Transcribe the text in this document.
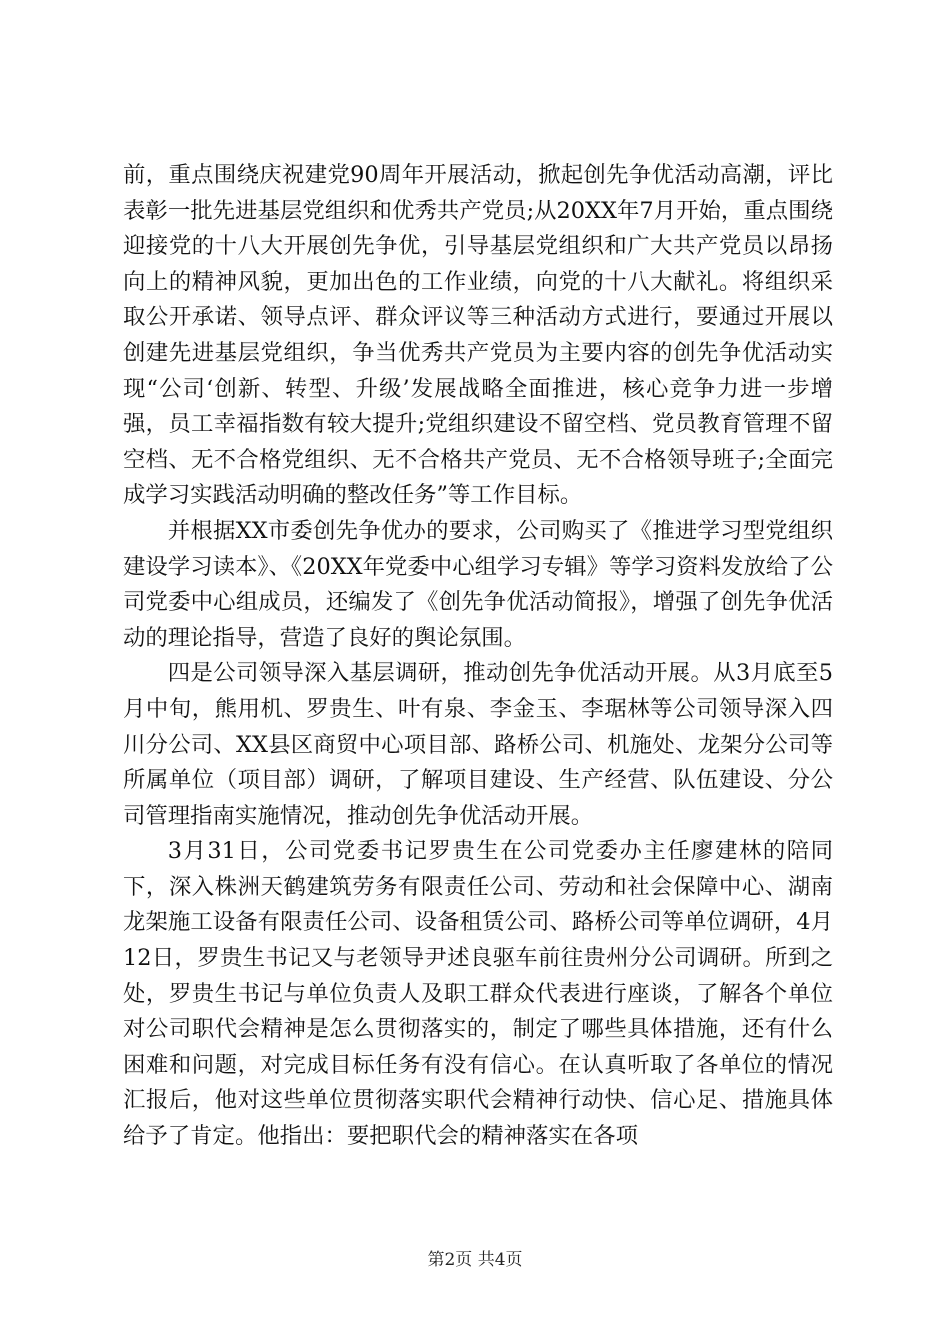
前，重点围绕庆祝建党90周年开展活动，掀起创先争优活动高潮，评比表彰一批先进基层党组织和优秀共产党员;从20XX年7月开始，重点围绕迎接党的十八大开展创先争优，引导基层党组织和广大共产党员以昂扬向上的精神风貌，更加出色的工作业绩，向党的十八大献礼。将组织采取公开承诺、领导点评、群众评议等三种活动方式进行，要通过开展以创建先进基层党组织，争当优秀共产党员为主要内容的创先争优活动实现“公司‘创新、转型、升级’发展战略全面推进，核心竞争力进一步增强，员工幸福指数有较大提升;党组织建设不留空档、党员教育管理不留空档、无不合格党组织、无不合格共产党员、无不合格领导班子;全面完成学习实践活动明确的整改任务”等工作目标。

并根据XX市委创先争优办的要求，公司购买了《推进学习型党组织建设学习读本》、《20XX年党委中心组学习专辑》等学习资料发放给了公司党委中心组成员，还编发了《创先争优活动简报》，增强了创先争优活动的理论指导，营造了良好的舆论氛围。

四是公司领导深入基层调研，推动创先争优活动开展。从3月底至5月中旬，熊用机、罗贵生、叶有泉、李金玉、李琚林等公司领导深入四川分公司、XX县区商贸中心项目部、路桥公司、机施处、龙架分公司等所属单位（项目部）调研，了解项目建设、生产经营、队伍建设、分公司管理指南实施情况，推动创先争优活动开展。

3月31日，公司党委书记罗贵生在公司党委办主任廖建林的陪同下，深入株洲天鹤建筑劳务有限责任公司、劳动和社会保障中心、湖南龙架施工设备有限责任公司、设备租赁公司、路桥公司等单位调研，4月12日，罗贵生书记又与老领导尹述良驱车前往贵州分公司调研。所到之处，罗贵生书记与单位负责人及职工群众代表进行座谈，了解各个单位对公司职代会精神是怎么贯彻落实的，制定了哪些具体措施，还有什么困难和问题，对完成目标任务有没有信心。在认真听取了各单位的情况汇报后，他对这些单位贯彻落实职代会精神行动快、信心足、措施具体给予了肯定。他指出：要把职代会的精神落实在各项

第2页 共4页
